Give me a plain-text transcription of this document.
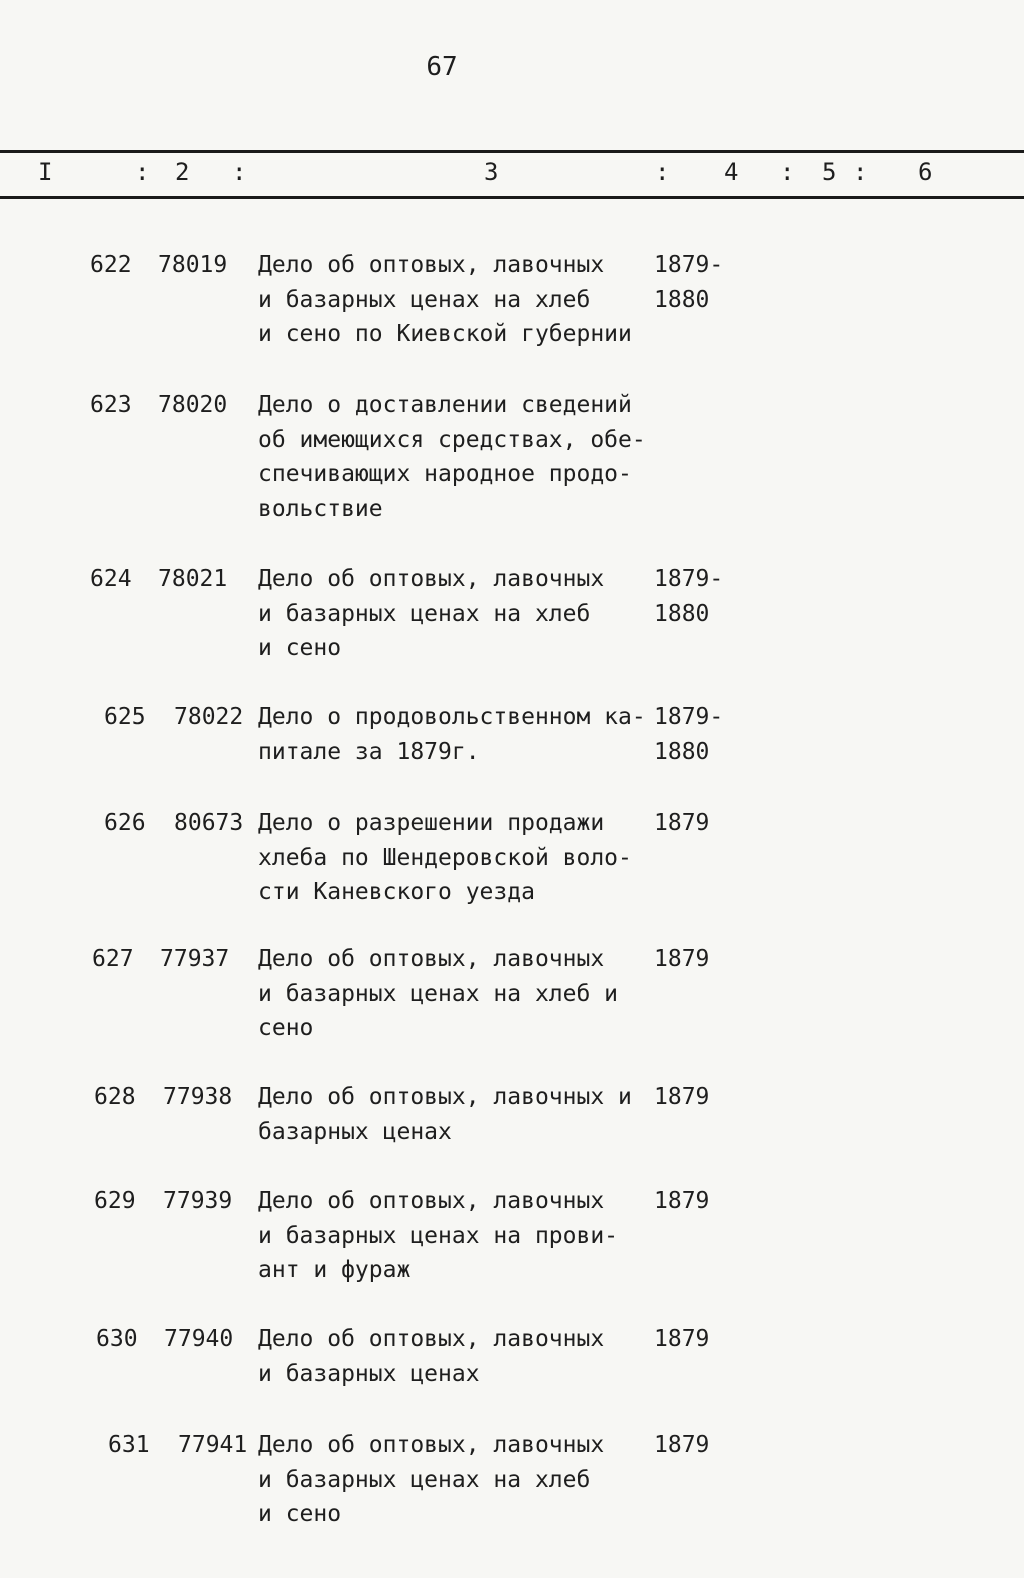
67
I	: 2 :	3	: 4 : 5 : 6
622 78019 Дело об оптовых, лавочных
и базарных ценах на хлеб
и сено по Киевской губернии
1879-
1880
623 78020 Дело о доставлении сведений
об имеющихся средствах, обе-
спечивающих народное продо-
вольствие
624 78021 Дело об оптовых, лавочных
и базарных ценах на хлеб
и сено
1879-
1880
625 78022 Дело о продовольственном ка-
питале за 1879г.
1879-
1880
626 80673 Дело о разрешении продажи
хлеба по Шендеровской воло-
сти Каневского уезда
1879
627 77937 Дело об оптовых, лавочных
и базарных ценах на хлеб и
сено
1879
628 77938 Дело об оптовых, лавочных и
базарных ценах
1879
629 77939 Дело об оптовых, лавочных
и базарных ценах на прови-
ант и фураж
1879
630 77940 Дело об оптовых, лавочных
и базарных ценах
1879
631 77941 Дело об оптовых, лавочных
и базарных ценах на хлеб
и сено
1879
